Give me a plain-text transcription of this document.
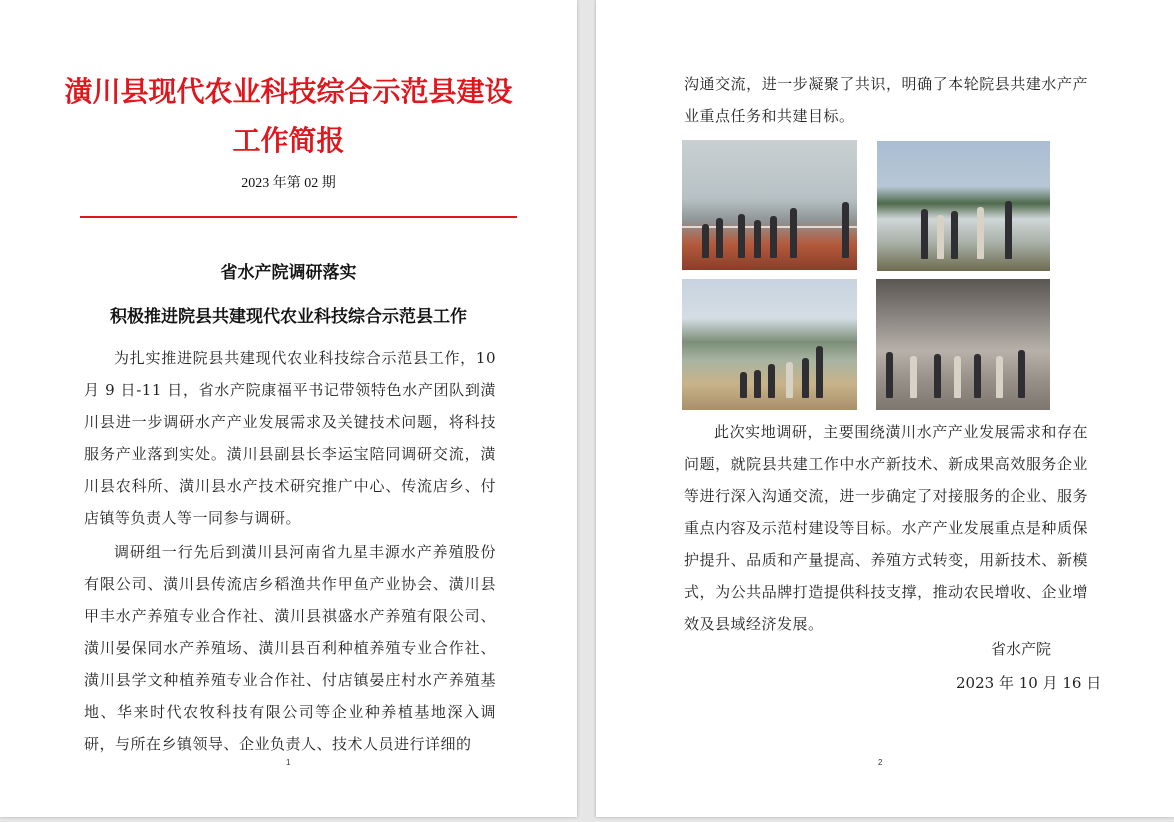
潢川县现代农业科技综合示范县建设
工作简报
2023 年第 02 期
省水产院调研落实
积极推进院县共建现代农业科技综合示范县工作

为扎实推进院县共建现代农业科技综合示范县工作，10月 9 日-11 日，省水产院康福平书记带领特色水产团队到潢川县进一步调研水产产业发展需求及关键技术问题，将科技服务产业落到实处。潢川县副县长李运宝陪同调研交流，潢川县农科所、潢川县水产技术研究推广中心、传流店乡、付店镇等负责人等一同参与调研。

调研组一行先后到潢川县河南省九星丰源水产养殖股份有限公司、潢川县传流店乡稻渔共作甲鱼产业协会、潢川县甲丰水产养殖专业合作社、潢川县祺盛水产养殖有限公司、潢川晏保同水产养殖场、潢川县百利种植养殖专业合作社、潢川县学文种植养殖专业合作社、付店镇晏庄村水产养殖基地、华来时代农牧科技有限公司等企业种养植基地深入调研，与所在乡镇领导、企业负责人、技术人员进行详细的

1

沟通交流，进一步凝聚了共识，明确了本轮院县共建水产产业重点任务和共建目标。

此次实地调研，主要围绕潢川水产产业发展需求和存在问题，就院县共建工作中水产新技术、新成果高效服务企业等进行深入沟通交流，进一步确定了对接服务的企业、服务重点内容及示范村建设等目标。水产产业发展重点是种质保护提升、品质和产量提高、养殖方式转变，用新技术、新模式，为公共品牌打造提供科技支撑，推动农民增收、企业增效及县域经济发展。

省水产院
2023 年 10 月 16 日
2
